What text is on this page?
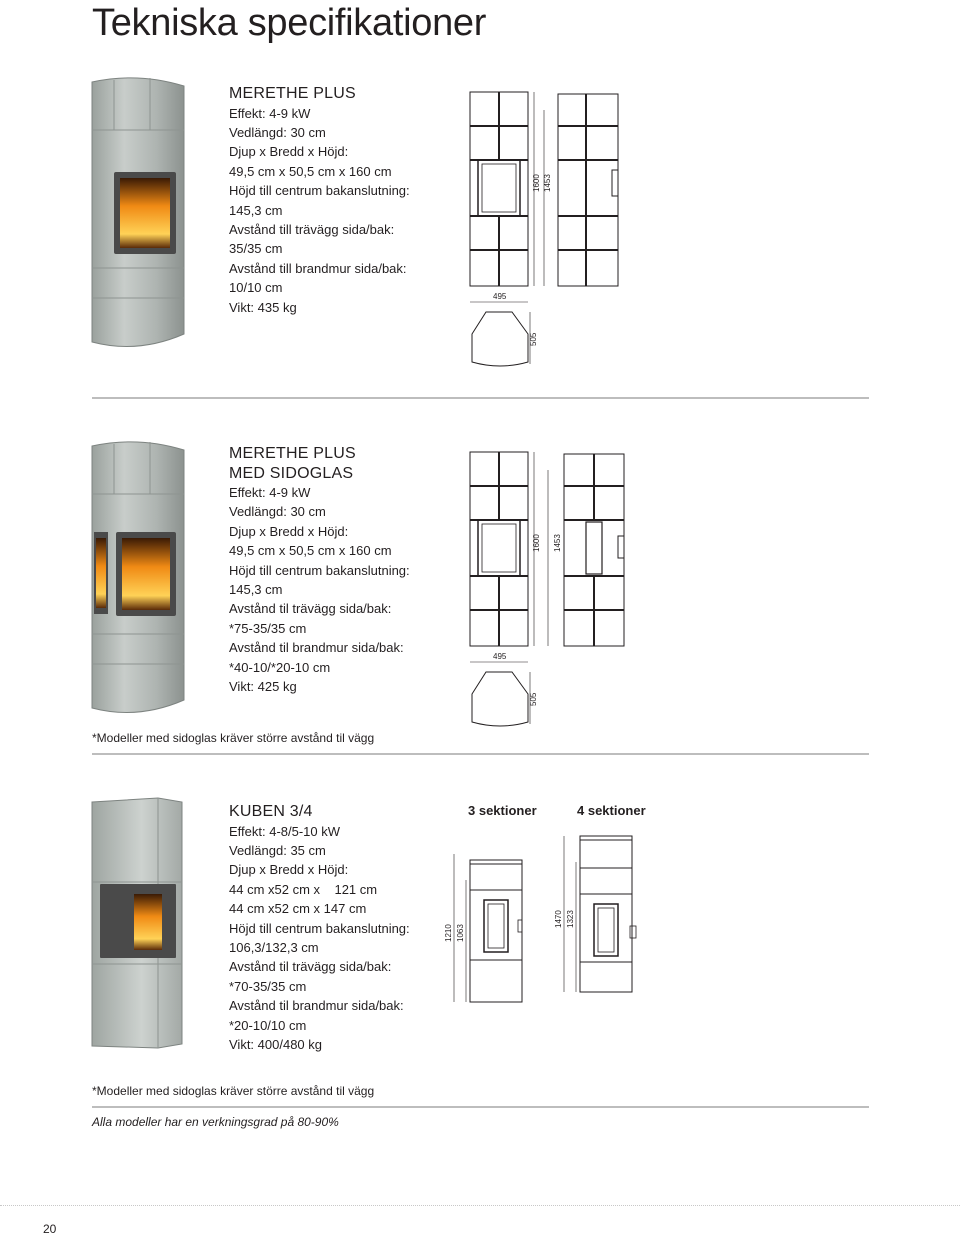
Tekniska specifikationer
MERETHE PLUS
Effekt: 4-9 kW
Vedlängd: 30 cm
Djup x Bredd x Höjd:
49,5 cm x 50,5 cm x 160 cm
Höjd till centrum bakanslutning:
145,3 cm
Avstånd till trävägg sida/bak:
35/35 cm
Avstånd till brandmur sida/bak:
10/10 cm
Vikt: 435 kg
1600 1453
495
505
MERETHE PLUS
MED SIDOGLAS
Effekt: 4-9 kW
Vedlängd: 30 cm
Djup x Bredd x Höjd:
49,5 cm x 50,5 cm x 160 cm
Höjd till centrum bakanslutning:
145,3 cm
Avstånd til trävägg sida/bak:
*75-35/35 cm
Avstånd til brandmur sida/bak:
*40-10/*20-10 cm
Vikt: 425 kg
1600 1453
495
505
*Modeller med sidoglas kräver större avstånd til vägg
KUBEN 3/4
Effekt: 4-8/5-10 kW
Vedlängd: 35 cm
Djup x Bredd x Höjd:
44 cm x52 cm x    121 cm
44 cm x52 cm x 147 cm
Höjd till centrum bakanslutning:
106,3/132,3 cm
Avstånd til trävägg sida/bak:
*70-35/35 cm
Avstånd til brandmur sida/bak:
*20-10/10 cm
Vikt: 400/480 kg
3 sektioner	4 sektioner
1210 1063
1470 1323
*Modeller med sidoglas kräver större avstånd til vägg
Alla modeller har en verkningsgrad på 80-90%
20
